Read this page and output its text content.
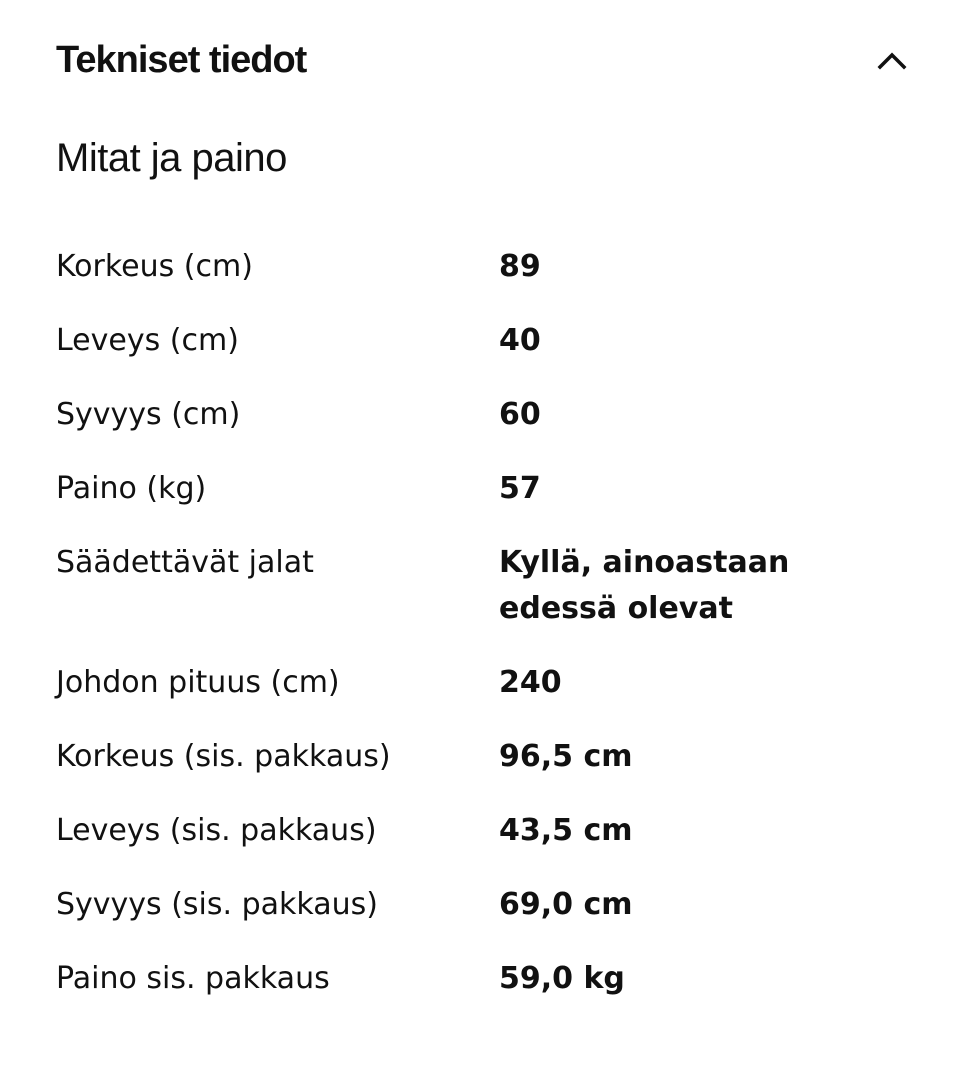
Tekniset tiedot
Mitat ja paino
Korkeus (cm)	89
Leveys (cm)	40
Syvyys (cm)	60
Paino (kg)	57
Säädettävät jalat	Kyllä, ainoastaan edessä olevat
Johdon pituus (cm)	240
Korkeus (sis. pakkaus)	96,5 cm
Leveys (sis. pakkaus)	43,5 cm
Syvyys (sis. pakkaus)	69,0 cm
Paino sis. pakkaus	59,0 kg
